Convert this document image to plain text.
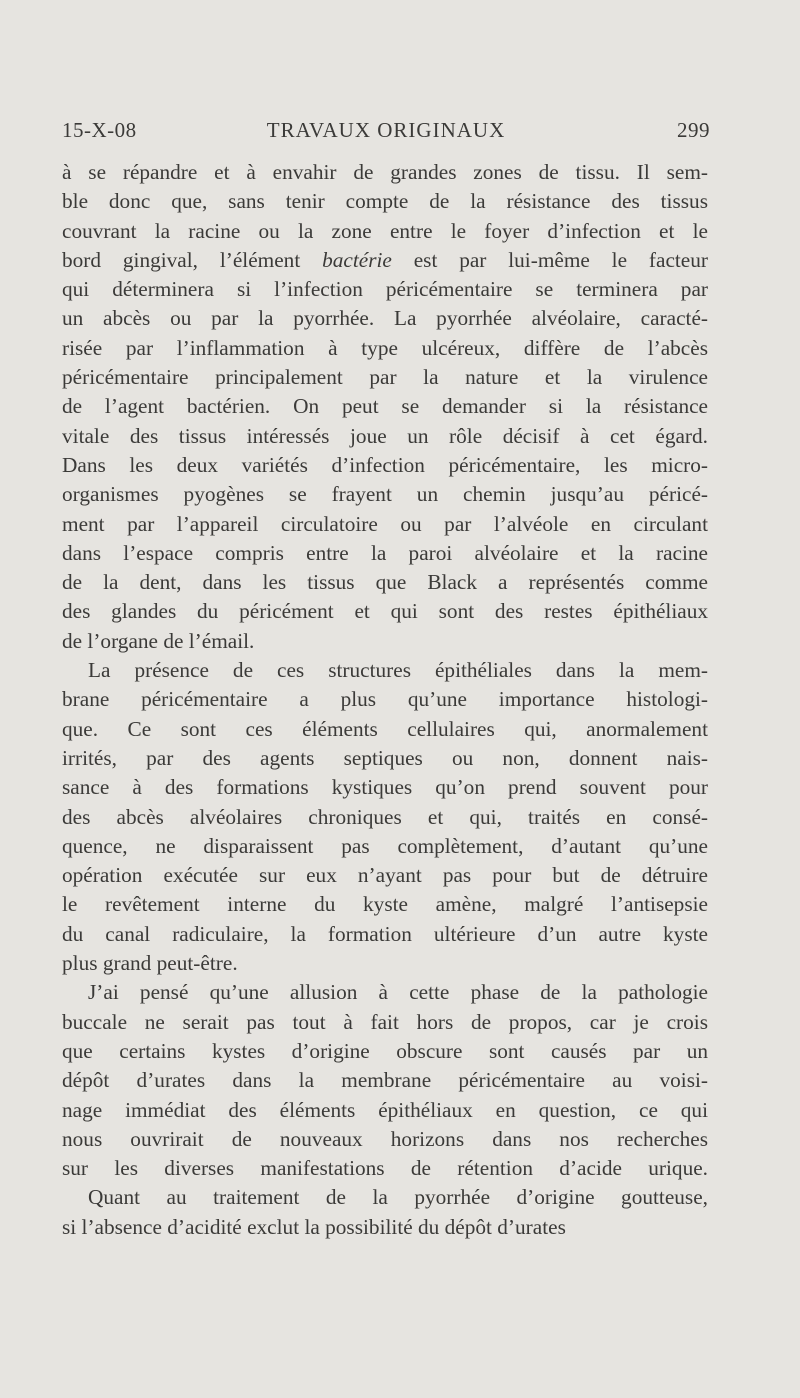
15-X-08	TRAVAUX ORIGINAUX	299
à se répandre et à envahir de grandes zones de tissu. Il sem-
ble donc que, sans tenir compte de la résistance des tissus
couvrant la racine ou la zone entre le foyer d’infection et le
bord gingival, l’élément bactérie est par lui-même le facteur
qui déterminera si l’infection péricémentaire se terminera par
un abcès ou par la pyorrhée. La pyorrhée alvéolaire, caracté-
risée par l’inflammation à type ulcéreux, diffère de l’abcès
péricémentaire principalement par la nature et la virulence
de l’agent bactérien. On peut se demander si la résistance
vitale des tissus intéressés joue un rôle décisif à cet égard.
Dans les deux variétés d’infection péricémentaire, les micro-
organismes pyogènes se frayent un chemin jusqu’au péricé-
ment par l’appareil circulatoire ou par l’alvéole en circulant
dans l’espace compris entre la paroi alvéolaire et la racine
de la dent, dans les tissus que Black a représentés comme
des glandes du péricément et qui sont des restes épithéliaux
de l’organe de l’émail.
La présence de ces structures épithéliales dans la mem-
brane péricémentaire a plus qu’une importance histologi-
que. Ce sont ces éléments cellulaires qui, anormalement
irrités, par des agents septiques ou non, donnent nais-
sance à des formations kystiques qu’on prend souvent pour
des abcès alvéolaires chroniques et qui, traités en consé-
quence, ne disparaissent pas complètement, d’autant qu’une
opération exécutée sur eux n’ayant pas pour but de détruire
le revêtement interne du kyste amène, malgré l’antisepsie
du canal radiculaire, la formation ultérieure d’un autre kyste
plus grand peut-être.
J’ai pensé qu’une allusion à cette phase de la pathologie
buccale ne serait pas tout à fait hors de propos, car je crois
que certains kystes d’origine obscure sont causés par un
dépôt d’urates dans la membrane péricémentaire au voisi-
nage immédiat des éléments épithéliaux en question, ce qui
nous ouvrirait de nouveaux horizons dans nos recherches
sur les diverses manifestations de rétention d’acide urique.
Quant au traitement de la pyorrhée d’origine goutteuse,
si l’absence d’acidité exclut la possibilité du dépôt d’urates
